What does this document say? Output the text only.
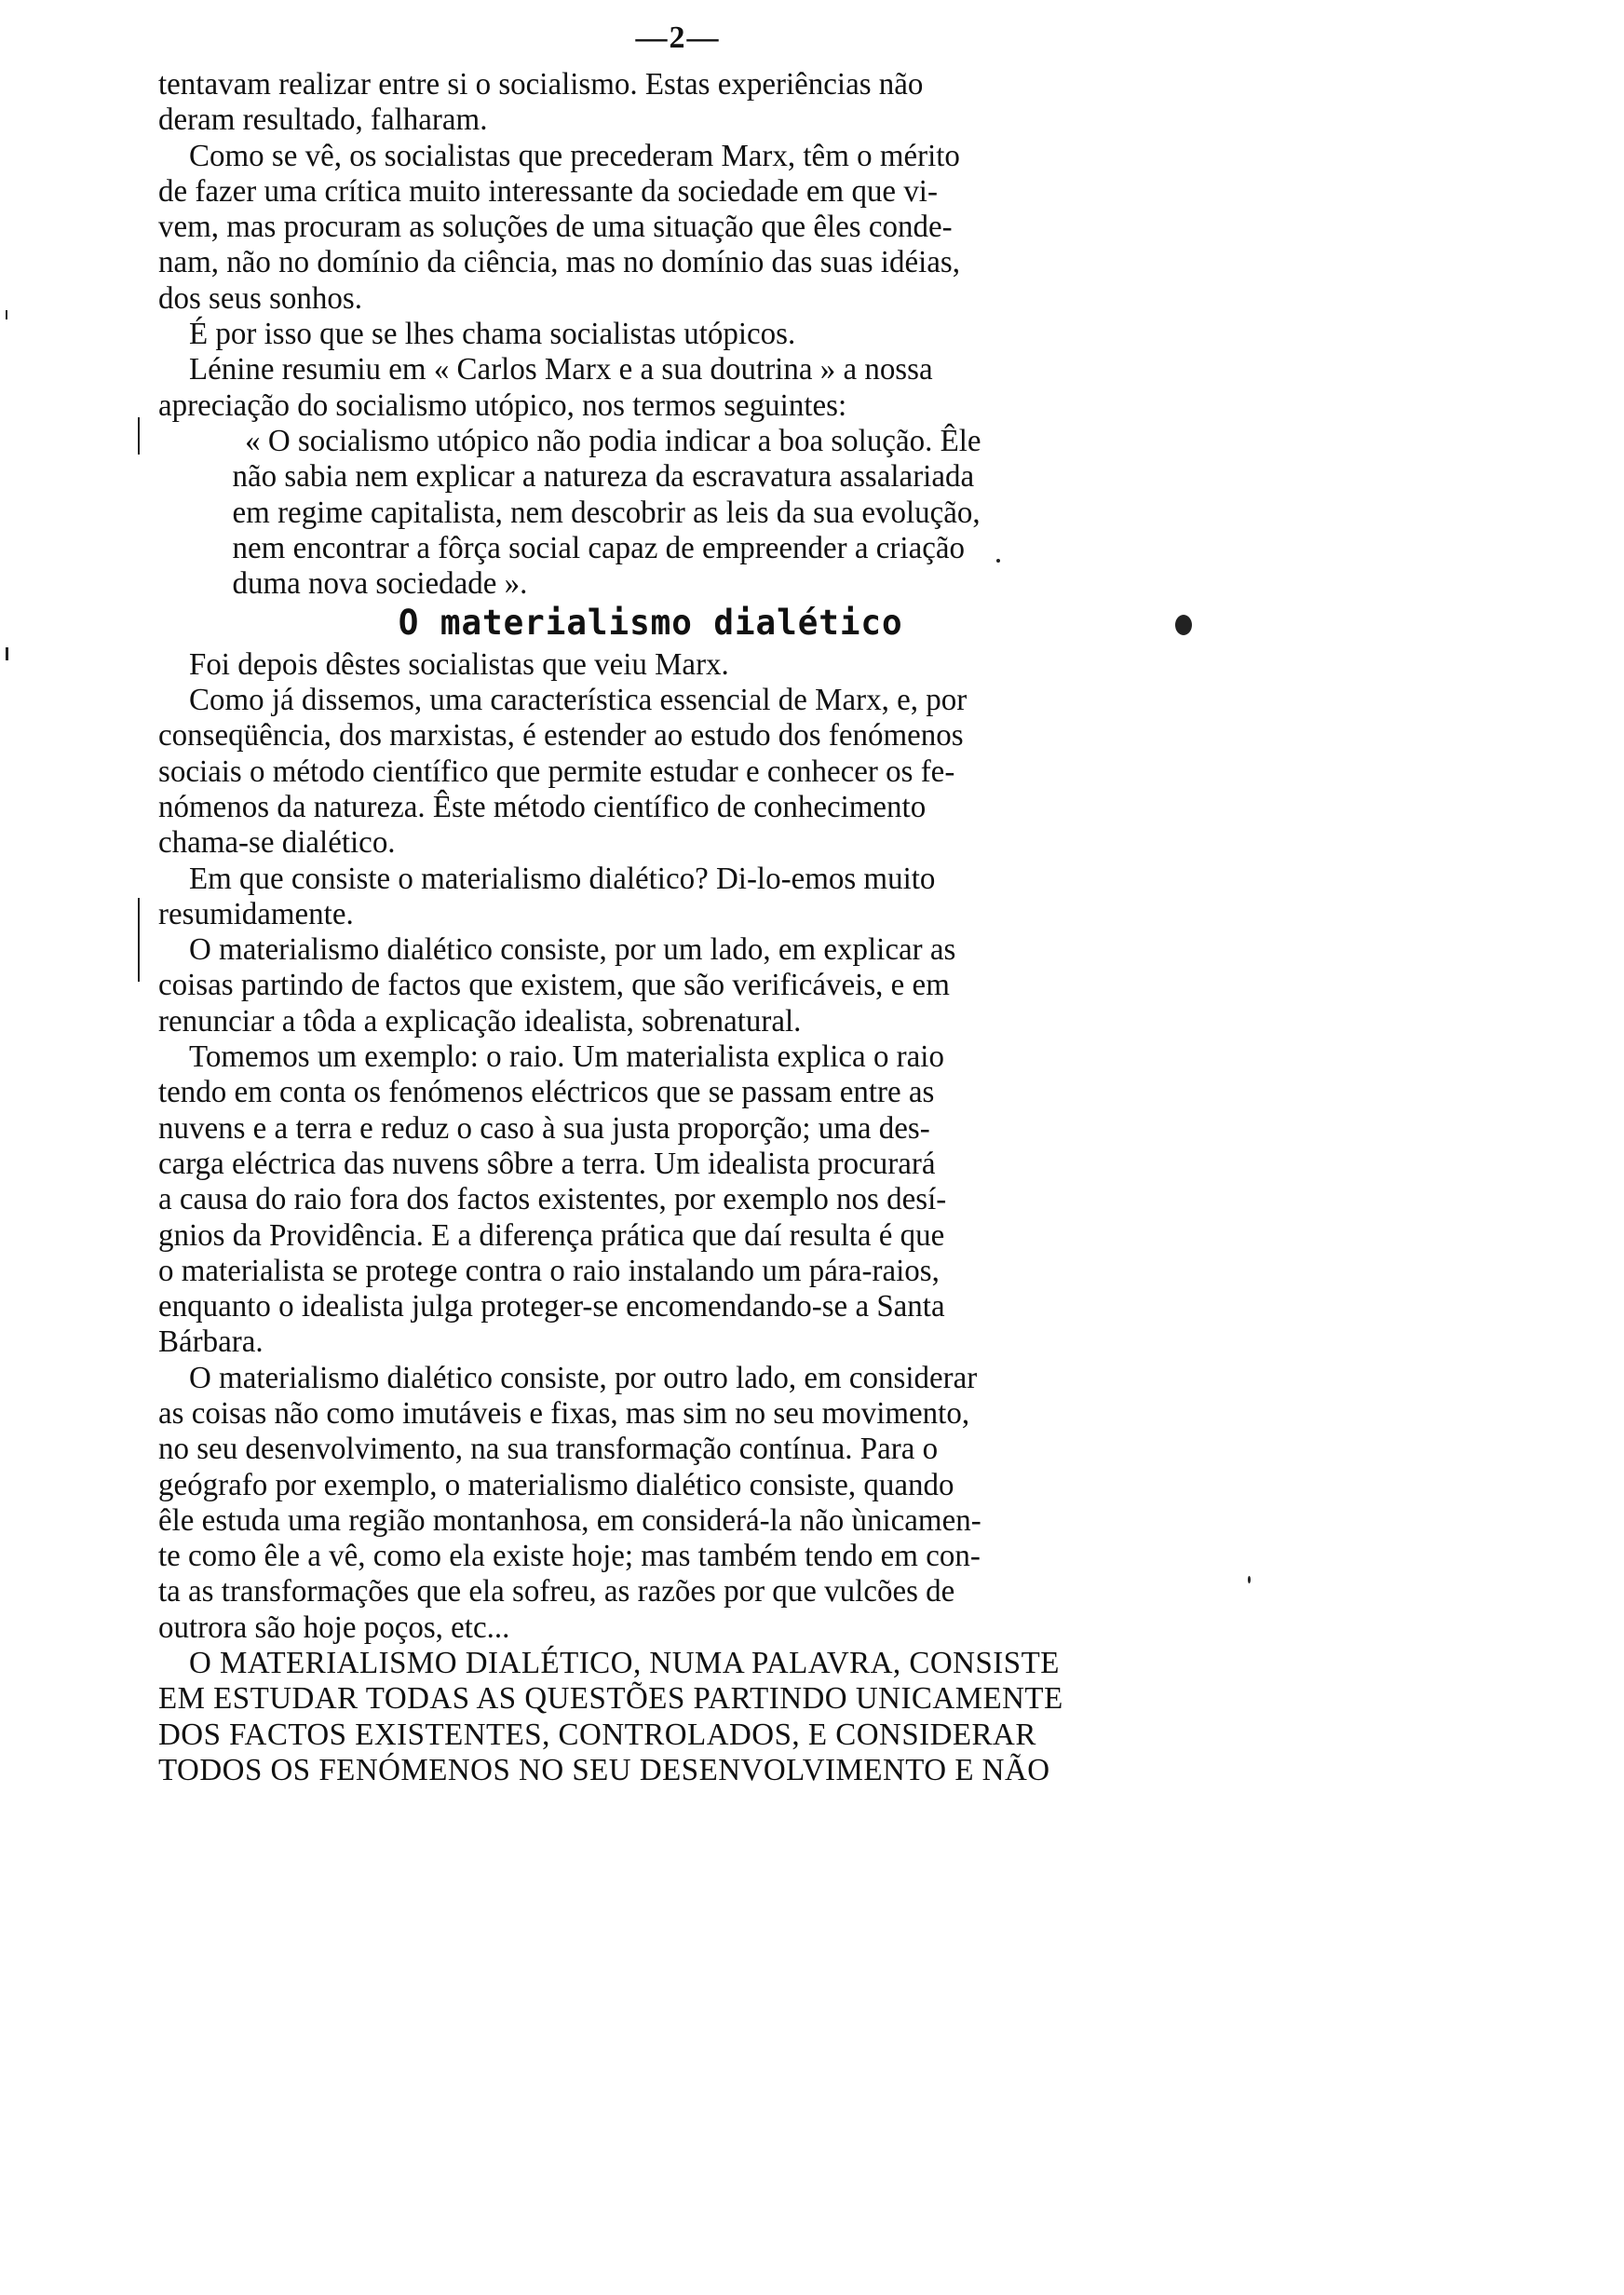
—2—
tentavam realizar entre si o socialismo. Estas experiências não
deram resultado, falharam.
Como se vê, os socialistas que precederam Marx, têm o mérito
de fazer uma crítica muito interessante da sociedade em que vi-
vem, mas procuram as soluções de uma situação que êles conde-
nam, não no domínio da ciência, mas no domínio das suas idéias,
dos seus sonhos.
É por isso que se lhes chama socialistas utópicos.
Lénine resumiu em « Carlos Marx e a sua doutrina » a nossa
apreciação do socialismo utópico, nos termos seguintes:
« O socialismo utópico não podia indicar a boa solução. Êle
não sabia nem explicar a natureza da escravatura assalariada
em regime capitalista, nem descobrir as leis da sua evolução,
nem encontrar a fôrça social capaz de empreender a criação
duma nova sociedade ».
O materialismo dialético
Foi depois dêstes socialistas que veiu Marx.
Como já dissemos, uma característica essencial de Marx, e, por
conseqüência, dos marxistas, é estender ao estudo dos fenómenos
sociais o método científico que permite estudar e conhecer os fe-
nómenos da natureza. Êste método científico de conhecimento
chama-se dialético.
Em que consiste o materialismo dialético? Di-lo-emos muito
resumidamente.
O materialismo dialético consiste, por um lado, em explicar as
coisas partindo de factos que existem, que são verificáveis, e em
renunciar a tôda a explicação idealista, sobrenatural.
Tomemos um exemplo: o raio. Um materialista explica o raio
tendo em conta os fenómenos eléctricos que se passam entre as
nuvens e a terra e reduz o caso à sua justa proporção; uma des-
carga eléctrica das nuvens sôbre a terra. Um idealista procurará
a causa do raio fora dos factos existentes, por exemplo nos desí-
gnios da Providência. E a diferença prática que daí resulta é que
o materialista se protege contra o raio instalando um pára-raios,
enquanto o idealista julga proteger-se encomendando-se a Santa
Bárbara.
O materialismo dialético consiste, por outro lado, em considerar
as coisas não como imutáveis e fixas, mas sim no seu movimento,
no seu desenvolvimento, na sua transformação contínua. Para o
geógrafo por exemplo, o materialismo dialético consiste, quando
êle estuda uma região montanhosa, em considerá-la não ùnicamen-
te como êle a vê, como ela existe hoje; mas também tendo em con-
ta as transformações que ela sofreu, as razões por que vulcões de
outrora são hoje poços, etc...
O MATERIALISMO DIALÉTICO, NUMA PALAVRA, CONSISTE
EM ESTUDAR TODAS AS QUESTÕES PARTINDO UNICAMENTE
DOS FACTOS EXISTENTES, CONTROLADOS, E CONSIDERAR
TODOS OS FENÓMENOS NO SEU DESENVOLVIMENTO E NÃO
